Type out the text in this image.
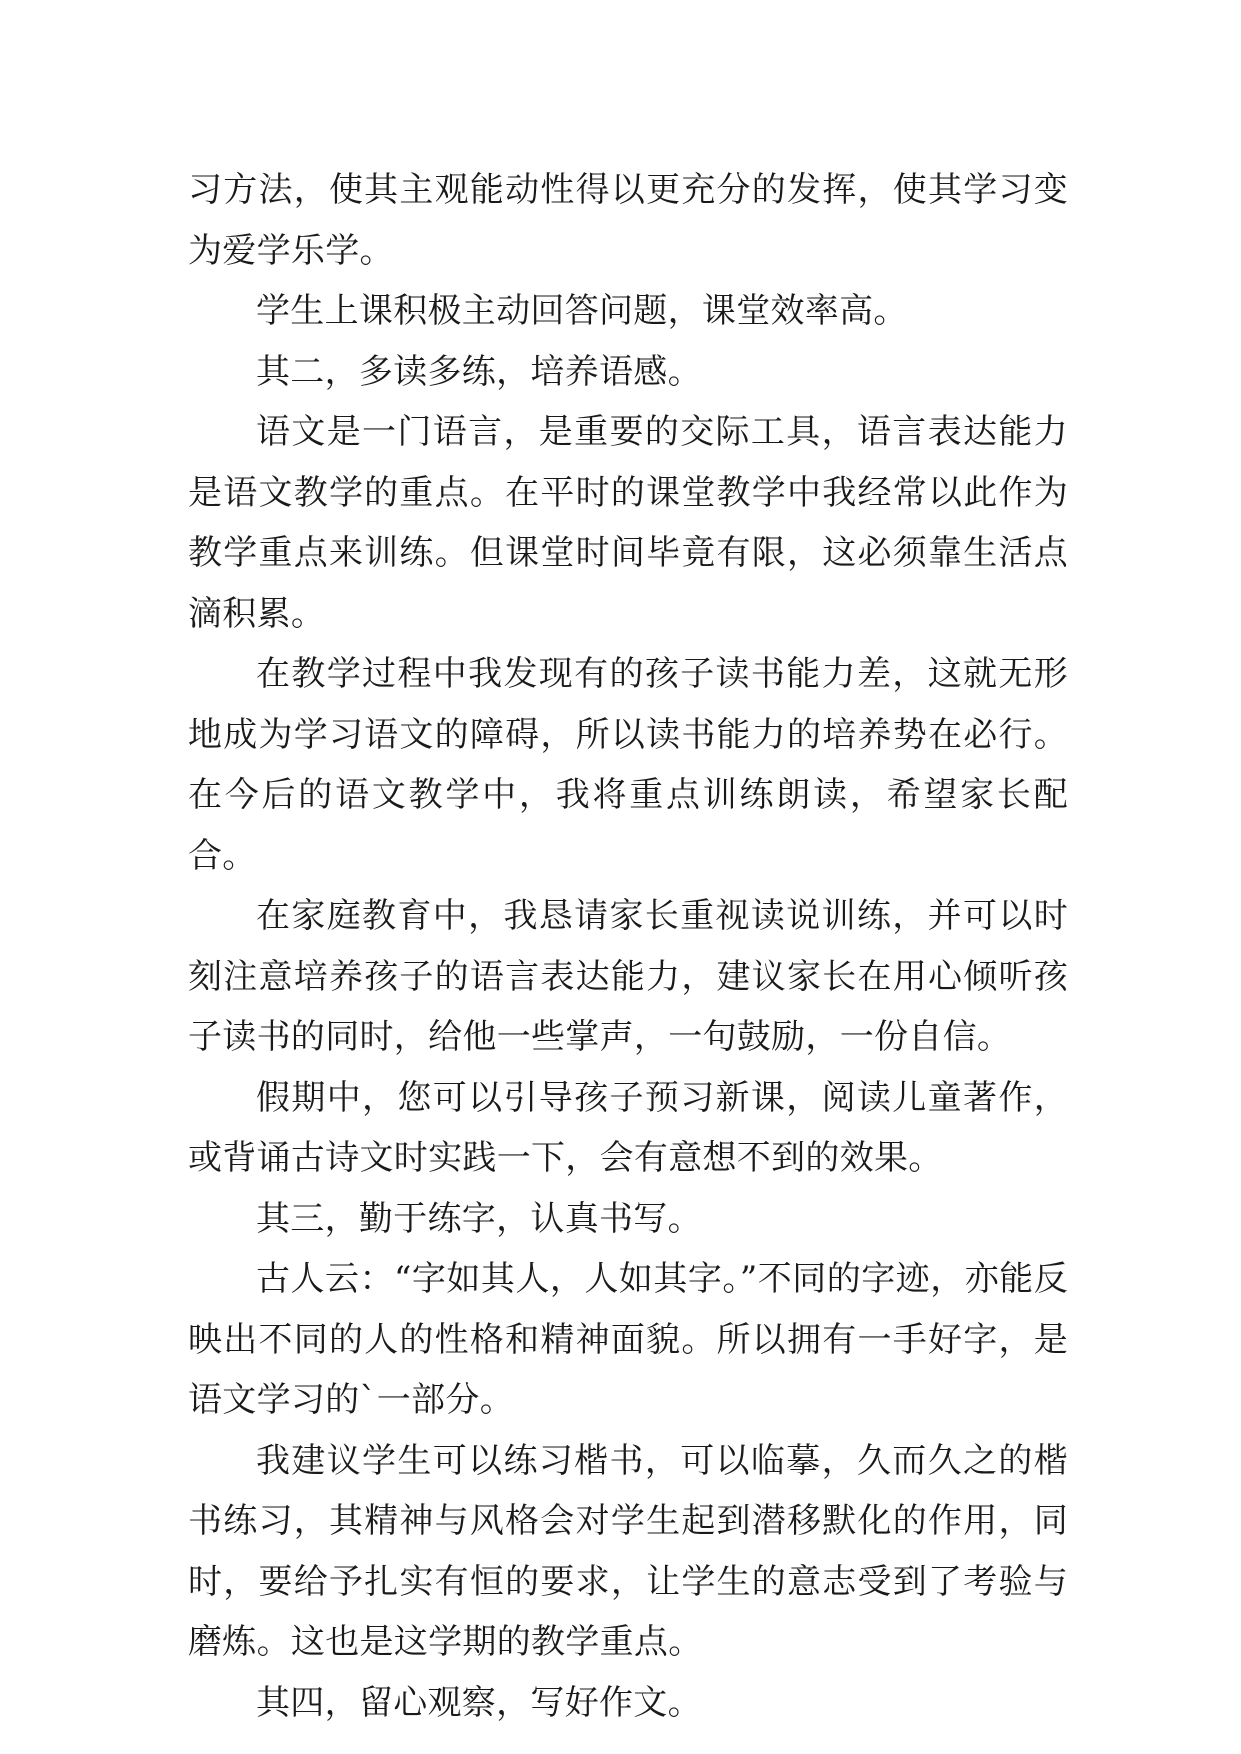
习方法，使其主观能动性得以更充分的发挥，使其学习变为爱学乐学。

学生上课积极主动回答问题，课堂效率高。

其二，多读多练，培养语感。

语文是一门语言，是重要的交际工具，语言表达能力是语文教学的重点。在平时的课堂教学中我经常以此作为教学重点来训练。但课堂时间毕竟有限，这必须靠生活点滴积累。

在教学过程中我发现有的孩子读书能力差，这就无形地成为学习语文的障碍，所以读书能力的培养势在必行。在今后的语文教学中，我将重点训练朗读，希望家长配合。

在家庭教育中，我恳请家长重视读说训练，并可以时刻注意培养孩子的语言表达能力，建议家长在用心倾听孩子读书的同时，给他一些掌声，一句鼓励，一份自信。

假期中，您可以引导孩子预习新课，阅读儿童著作，或背诵古诗文时实践一下，会有意想不到的效果。

其三，勤于练字，认真书写。

古人云：“字如其人，人如其字。”不同的字迹，亦能反映出不同的人的性格和精神面貌。所以拥有一手好字，是语文学习的`一部分。

我建议学生可以练习楷书，可以临摹，久而久之的楷书练习，其精神与风格会对学生起到潜移默化的作用，同时，要给予扎实有恒的要求，让学生的意志受到了考验与磨炼。这也是这学期的教学重点。

其四，留心观察，写好作文。
